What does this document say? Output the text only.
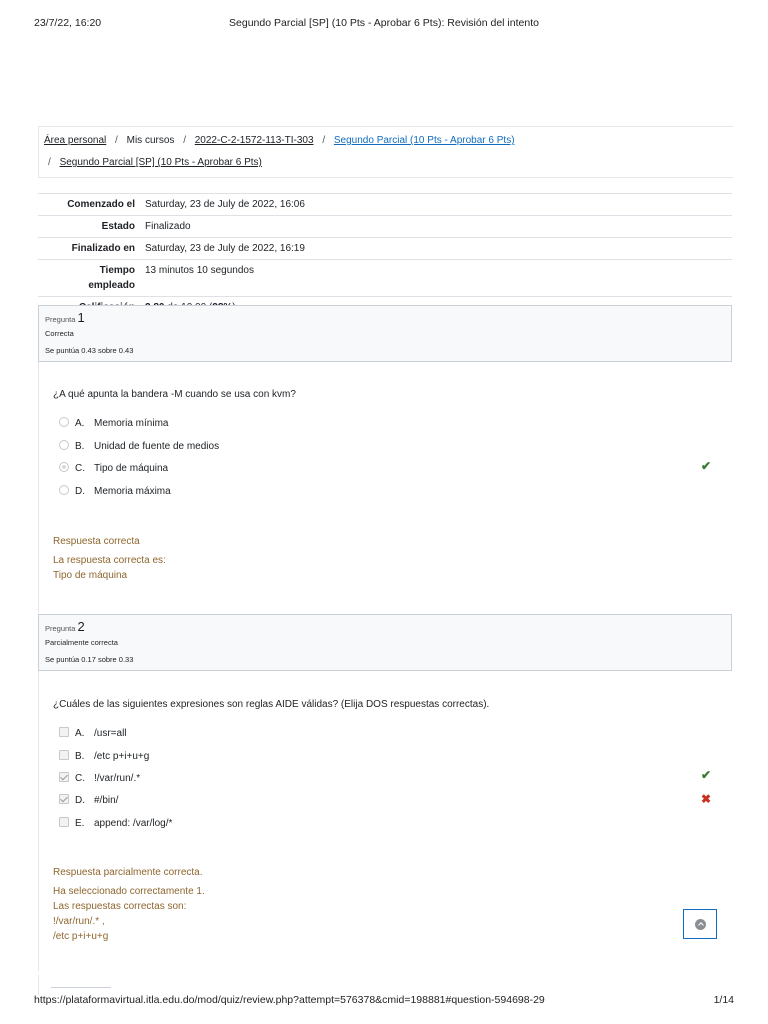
23/7/22, 16:20	Segundo Parcial [SP] (10 Pts - Aprobar 6 Pts): Revisión del intento
Área personal / Mis cursos / 2022-C-2-1572-113-TI-303 / Segundo Parcial (10 Pts - Aprobar 6 Pts)
/ Segundo Parcial [SP] (10 Pts - Aprobar 6 Pts)
Comenzado el	Saturday, 23 de July de 2022, 16:06
Estado	Finalizado
Finalizado en	Saturday, 23 de July de 2022, 16:19
Tiempo empleado	13 minutos 10 segundos

Pregunta 1
Correcta
Se puntúa 0.43 sobre 0.43
¿A qué apunta la bandera -M cuando se usa con kvm?
A. Memoria mínima
B. Unidad de fuente de medios
C. Tipo de máquina	✔
D. Memoria máxima
Respuesta correcta
La respuesta correcta es:
Tipo de máquina
Pregunta 2
Parcialmente correcta
Se puntúa 0.17 sobre 0.33
¿Cuáles de las siguientes expresiones son reglas AIDE válidas? (Elija DOS respuestas correctas).
A. /usr=all
B. /etc p+i+u+g
C. !/var/run/.*	✔
D. #/bin/	✖
E. append: /var/log/*
Respuesta parcialmente correcta.
Ha seleccionado correctamente 1.
Las respuestas correctas son:
!/var/run/.* ,
/etc p+i+u+g
https://plataformavirtual.itla.edu.do/mod/quiz/review.php?attempt=576378&cmid=198881#question-594698-29	1/14
